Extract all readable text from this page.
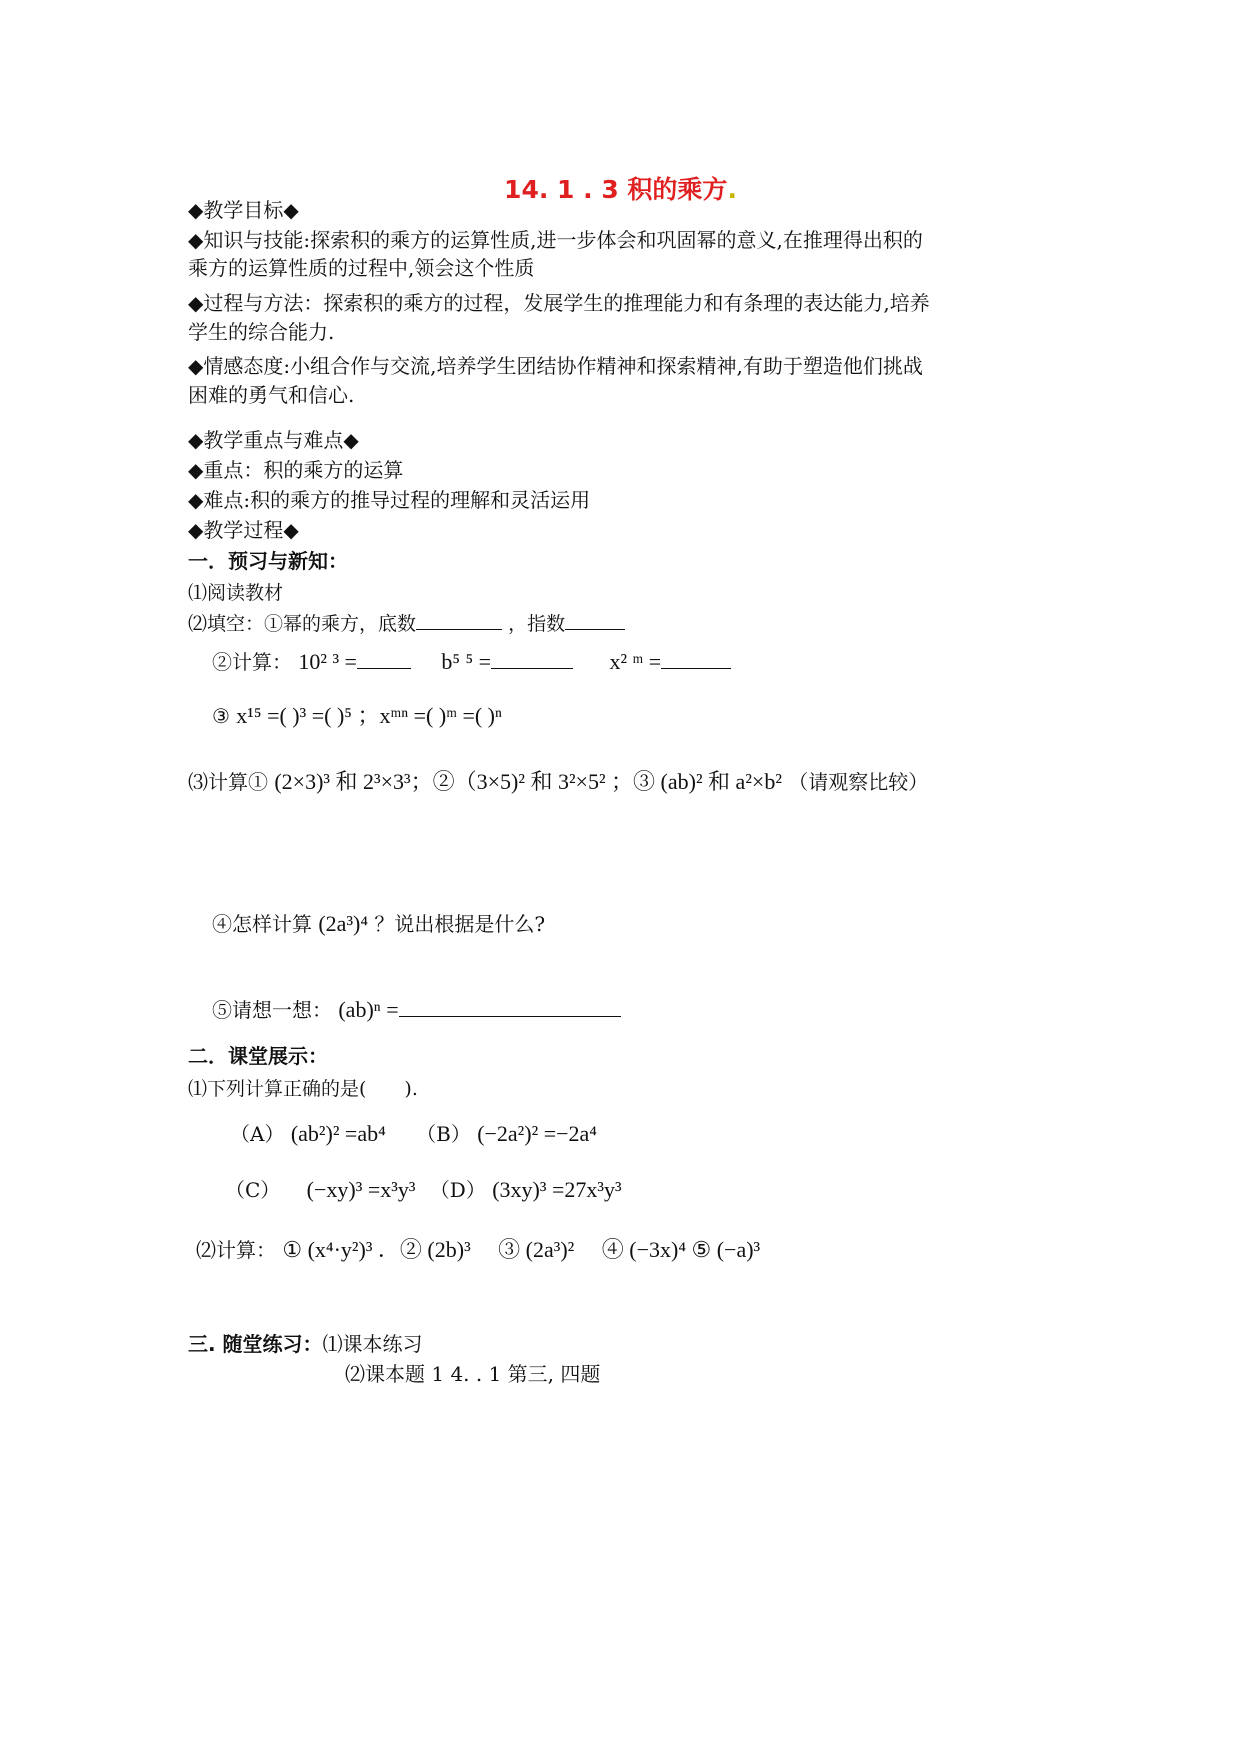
14. 1 . 3 积的乘方.
◆教学目标◆
◆知识与技能:探索积的乘方的运算性质,进一步体会和巩固幂的意义,在推理得出积的
乘方的运算性质的过程中,领会这个性质
◆过程与方法：探索积的乘方的过程，发展学生的推理能力和有条理的表达能力,培养
学生的综合能力.
◆情感态度:小组合作与交流,培养学生团结协作精神和探索精神,有助于塑造他们挑战
困难的勇气和信心.
◆教学重点与难点◆
◆重点：积的乘方的运算
◆难点:积的乘方的推导过程的理解和灵活运用
◆教学过程◆
一．预习与新知：
⑴阅读教材
⑵填空：①幂的乘方，底数	，指数
②计算： 10² ³ =	b⁵ ⁵ =	x² ᵐ =
③ x¹⁵ =( )³ =( )⁵ ；xᵐⁿ =( )ᵐ =( )ⁿ
⑶计算① (2×3)³ 和 2³×3³；②（3×5)² 和 3²×5² ；③ (ab)² 和 a²×b² （请观察比较）
④怎样计算 (2a³)⁴ ？说出根据是什么?
⑤请想一想： (ab)ⁿ =
二．课堂展示：
⑴下列计算正确的是(　　).
（A） (ab²)² =ab⁴ （B） (−2a²)² =−2a⁴
（C） (−xy)³ =x³y³ （D） (3xy)³ =27x³y³
⑵计算： ① (x⁴·y²)³ ．② (2b)³　 ③ (2a³)²　 ④ (−3x)⁴ ⑤ (−a)³
三. 随堂练习：⑴课本练习
⑵课本题 1 4. . 1 第三, 四题
